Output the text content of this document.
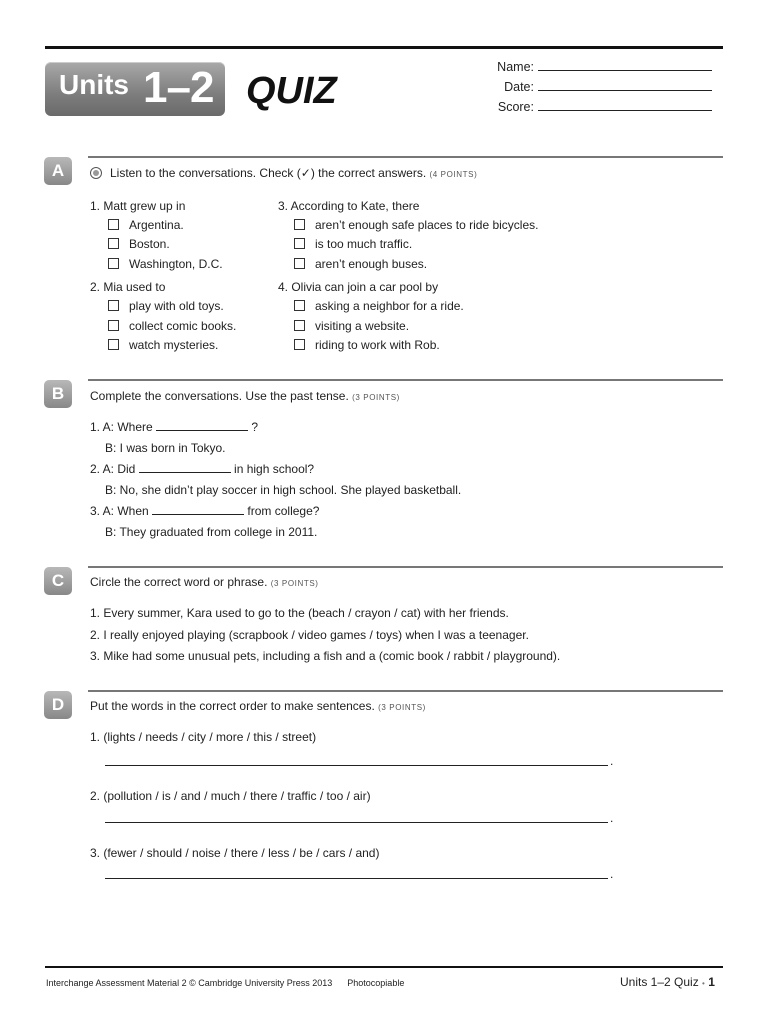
Units 1–2 QUIZ
Name:
Date:
Score:
A	Listen to the conversations. Check (✓) the correct answers. (4 POINTS)
1. Matt grew up in
Argentina.
Boston.
Washington, D.C.
2. Mia used to
play with old toys.
collect comic books.
watch mysteries.
3. According to Kate, there
aren’t enough safe places to ride bicycles.
is too much traffic.
aren’t enough buses.
4. Olivia can join a car pool by
asking a neighbor for a ride.
visiting a website.
riding to work with Rob.
B	Complete the conversations. Use the past tense. (3 POINTS)
1. A: Where	?
B: I was born in Tokyo.
2. A: Did	in high school?
B: No, she didn’t play soccer in high school. She played basketball.
3. A: When	from college?
B: They graduated from college in 2011.
C	Circle the correct word or phrase. (3 POINTS)
1. Every summer, Kara used to go to the (beach / crayon / cat) with her friends.
2. I really enjoyed playing (scrapbook / video games / toys) when I was a teenager.
3. Mike had some unusual pets, including a fish and a (comic book / rabbit / playground).
D	Put the words in the correct order to make sentences. (3 POINTS)
1. (lights / needs / city / more / this / street)
.
2. (pollution / is / and / much / there / traffic / too / air)
.
3. (fewer / should / noise / there / less / be / cars / and)
.
Interchange Assessment Material 2 © Cambridge University Press 2013 Photocopiable	Units 1–2 Quiz • 1
